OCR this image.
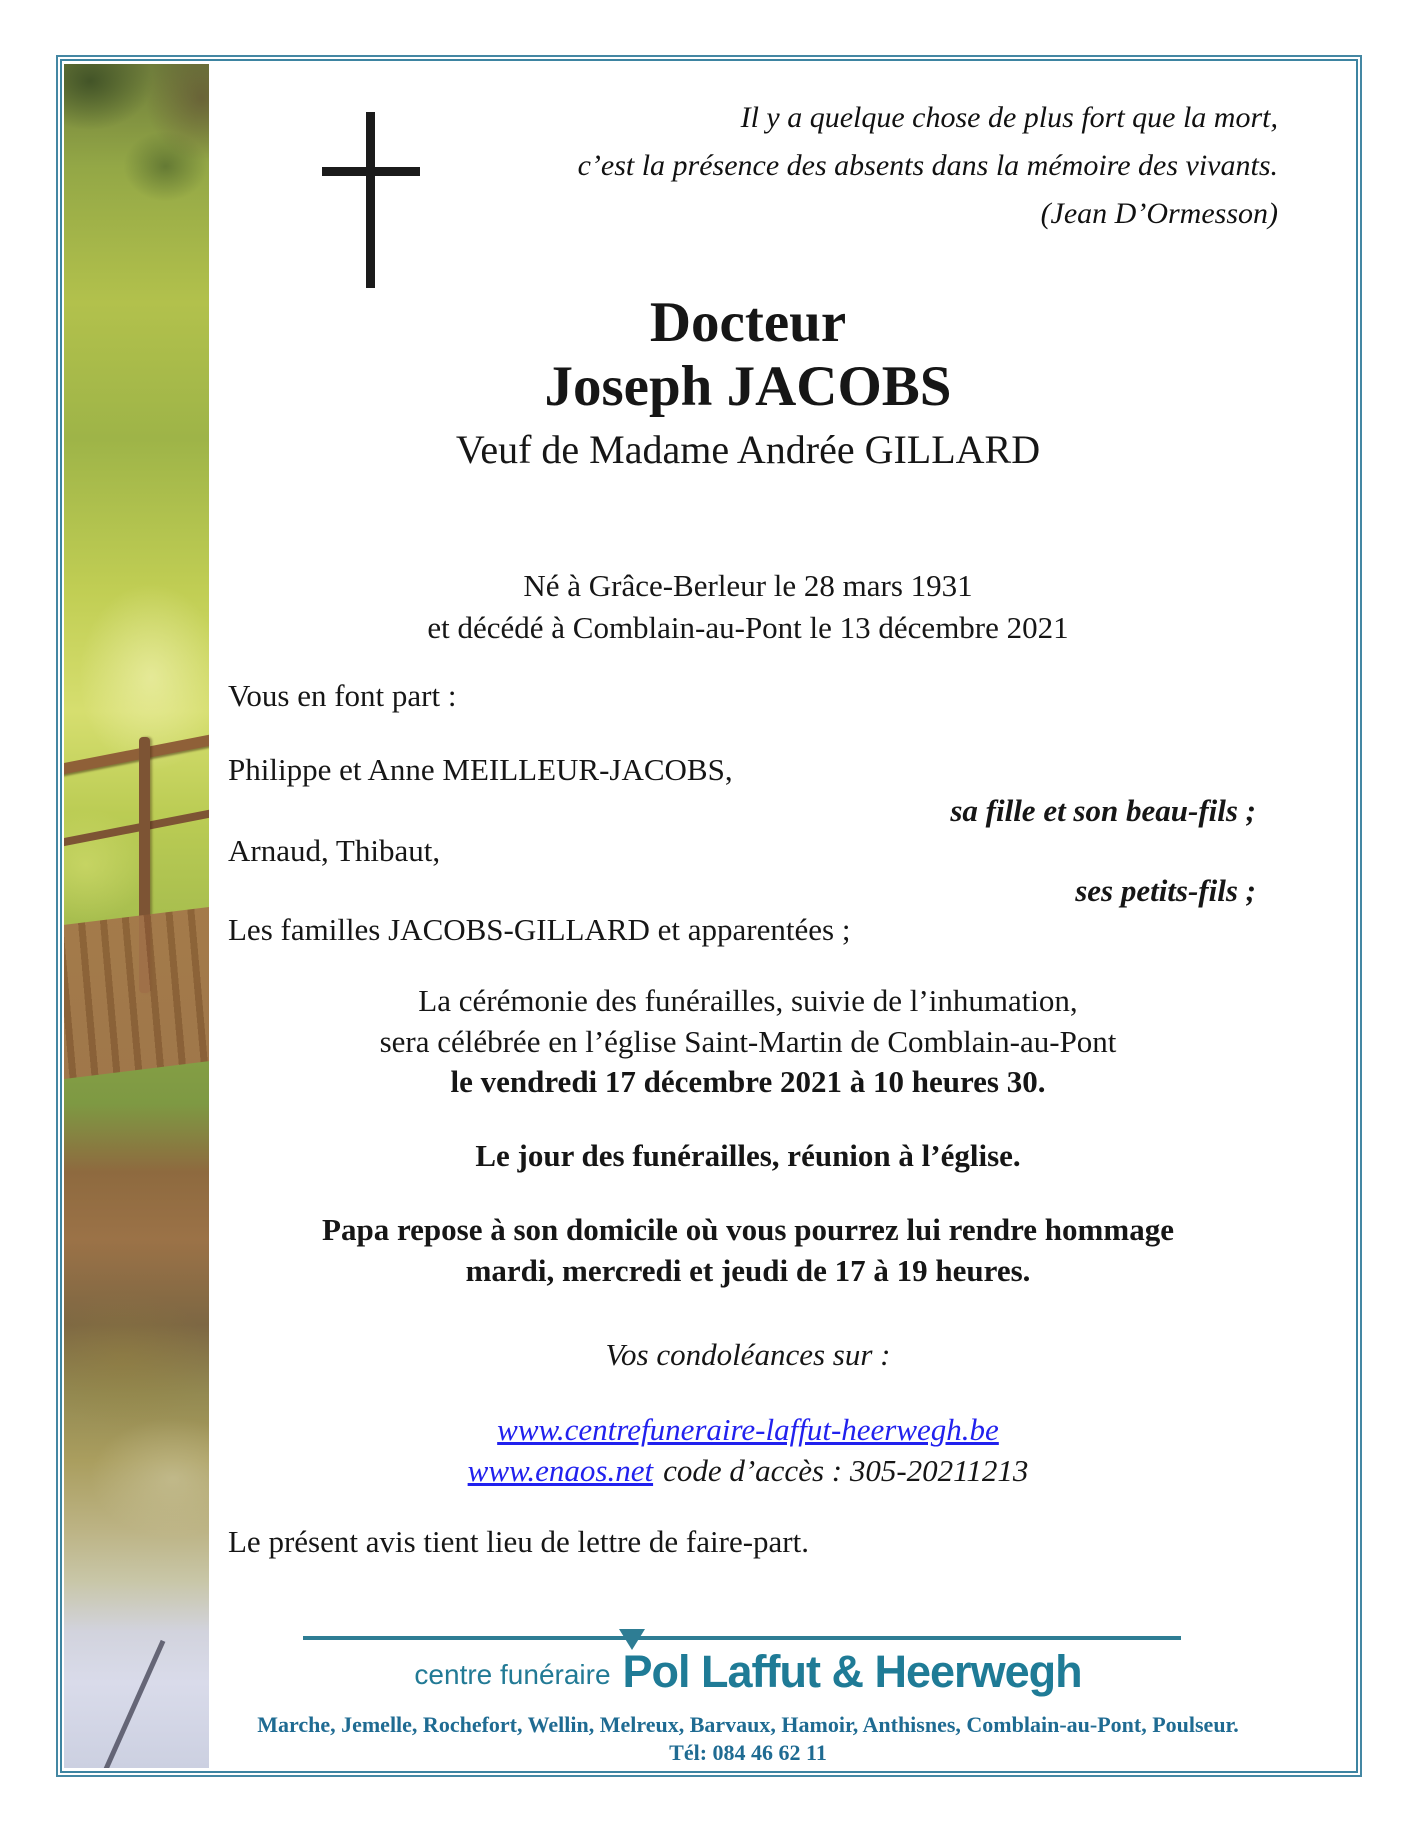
Il y a quelque chose de plus fort que la mort,
c’est la présence des absents dans la mémoire des vivants.
(Jean D’Ormesson)
Docteur
Joseph JACOBS
Veuf de Madame Andrée GILLARD
Né à Grâce-Berleur le 28 mars 1931
et décédé à Comblain-au-Pont le 13 décembre 2021
Vous en font part :
Philippe et Anne MEILLEUR-JACOBS,
sa fille et son beau-fils ;
Arnaud, Thibaut,
ses petits-fils ;
Les familles JACOBS-GILLARD et apparentées ;
La cérémonie des funérailles, suivie de l’inhumation,
sera célébrée en l’église Saint-Martin de Comblain-au-Pont
le vendredi 17 décembre 2021 à 10 heures 30.
Le jour des funérailles, réunion à l’église.
Papa repose à son domicile où vous pourrez lui rendre hommage
mardi, mercredi et jeudi de 17 à 19 heures.
Vos condoléances sur :
www.centrefuneraire-laffut-heerwegh.be
www.enaos.net code d’accès : 305-20211213
Le présent avis tient lieu de lettre de faire-part.
centre funéraire Pol Laffut & Heerwegh
Marche, Jemelle, Rochefort, Wellin, Melreux, Barvaux, Hamoir, Anthisnes, Comblain-au-Pont, Poulseur.
Tél: 084 46 62 11
